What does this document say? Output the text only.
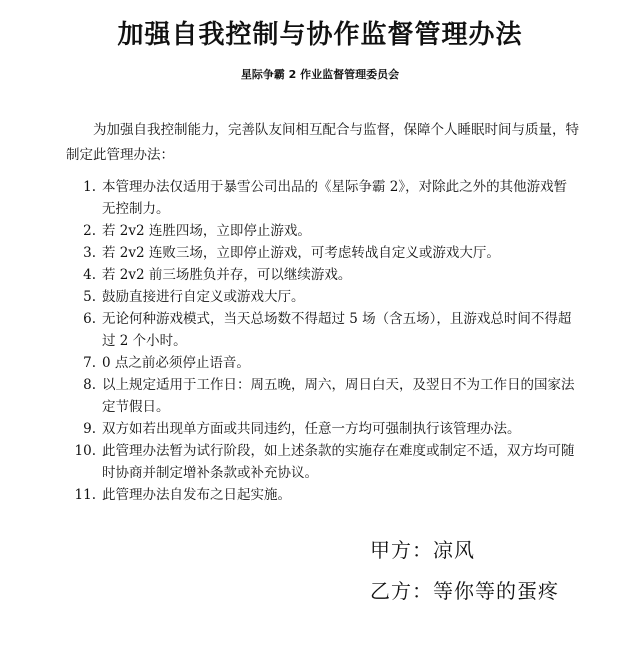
加强自我控制与协作监督管理办法
星际争霸 2 作业监督管理委员会
为加强自我控制能力，完善队友间相互配合与监督，保障个人睡眠时间与质量，特制定此管理办法：
1. 本管理办法仅适用于暴雪公司出品的《星际争霸 2》，对除此之外的其他游戏暂无控制力。
2. 若 2v2 连胜四场，立即停止游戏。
3. 若 2v2 连败三场，立即停止游戏，可考虑转战自定义或游戏大厅。
4. 若 2v2 前三场胜负并存，可以继续游戏。
5. 鼓励直接进行自定义或游戏大厅。
6. 无论何种游戏模式，当天总场数不得超过 5 场（含五场），且游戏总时间不得超过 2 个小时。
7. 0 点之前必须停止语音。
8. 以上规定适用于工作日：周五晚，周六，周日白天，及翌日不为工作日的国家法定节假日。
9. 双方如若出现单方面或共同违约，任意一方均可强制执行该管理办法。
10. 此管理办法暂为试行阶段，如上述条款的实施存在难度或制定不适，双方均可随时协商并制定增补条款或补充协议。
11. 此管理办法自发布之日起实施。
甲方：凉风
乙方：等你等的蛋疼
